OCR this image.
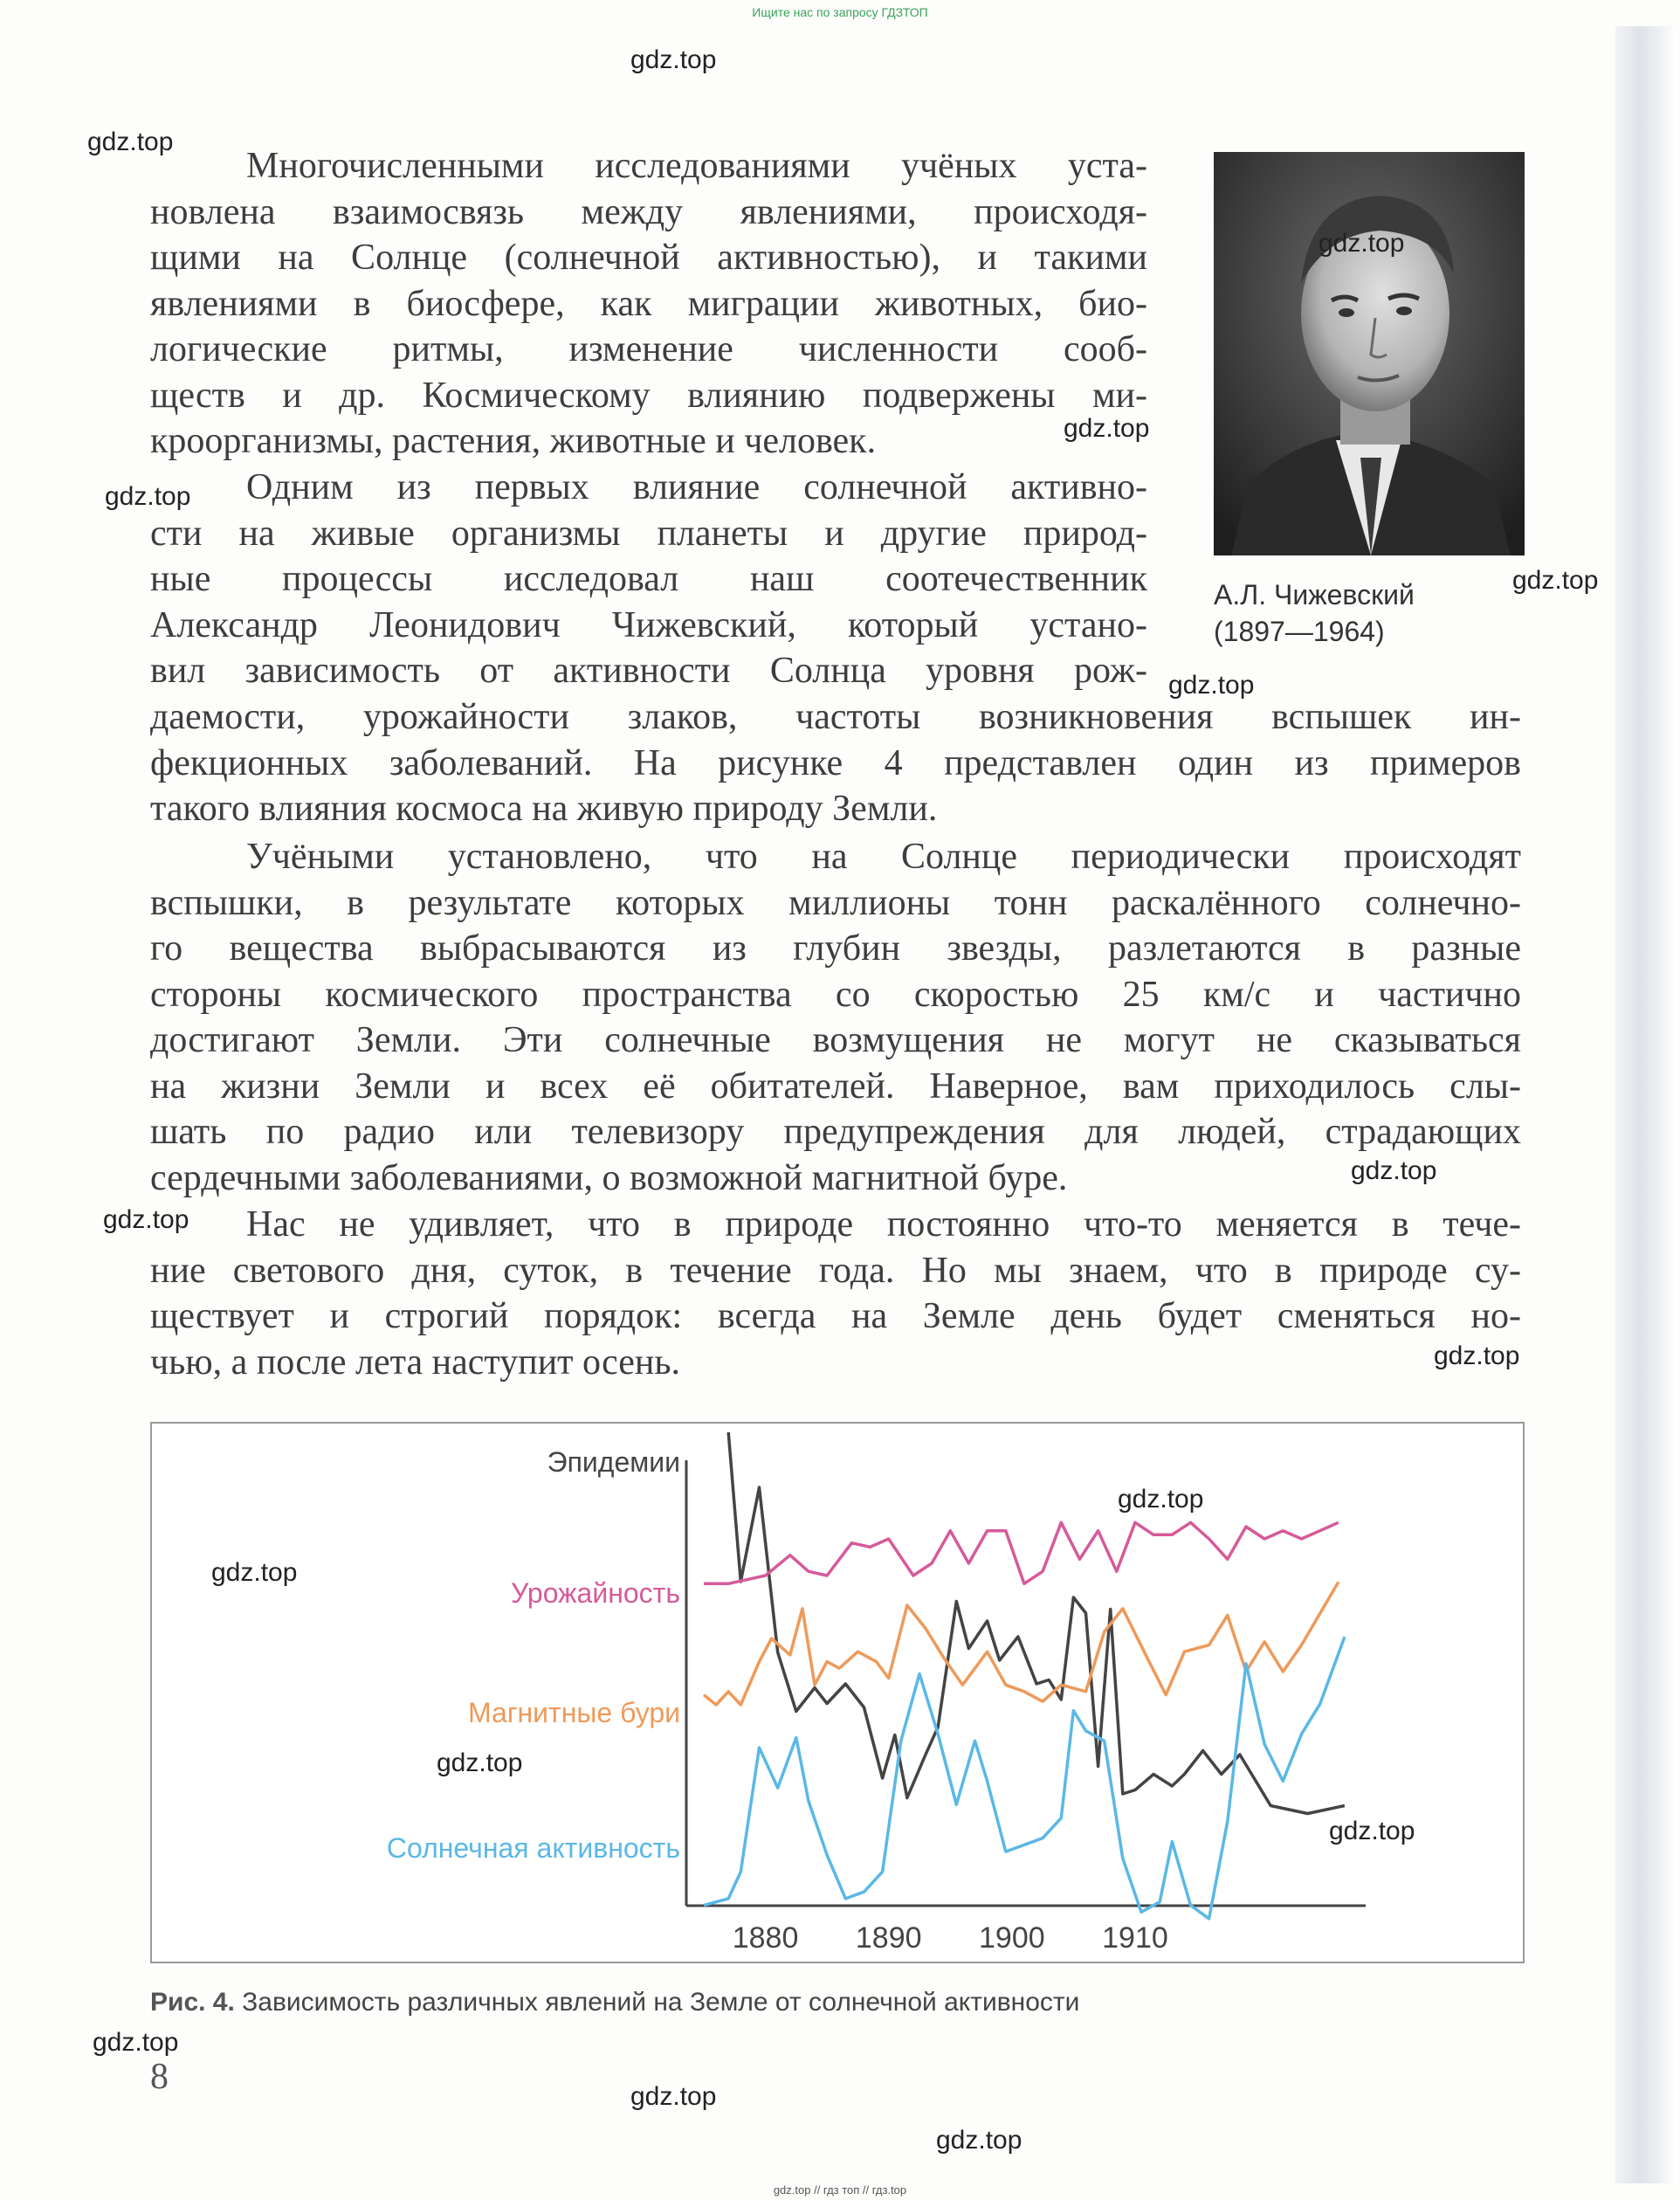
Ищите нас по запросу ГДЗТОП
Многочисленными исследованиями учёных уста-
новлена взаимосвязь между явлениями, происходя-
щими на Солнце (солнечной активностью), и такими
явлениями в биосфере, как миграции животных, био-
логические ритмы, изменение численности сооб-
ществ и др. Космическому влиянию подвержены ми-
кроорганизмы, растения, животные и человек.
Одним из первых влияние солнечной активно-
сти на живые организмы планеты и другие природ-
ные процессы исследовал наш соотечественник
Александр Леонидович Чижевский, который устано-
вил зависимость от активности Солнца уровня рож-
даемости, урожайности злаков, частоты возникновения вспышек ин-
фекционных заболеваний. На рисунке 4 представлен один из примеров
такого влияния космоса на живую природу Земли.
Учёными установлено, что на Солнце периодически происходят
вспышки, в результате которых миллионы тонн раскалённого солнечно-
го вещества выбрасываются из глубин звезды, разлетаются в разные
стороны космического пространства со скоростью 25 км/с и частично
достигают Земли. Эти солнечные возмущения не могут не сказываться
на жизни Земли и всех её обитателей. Наверное, вам приходилось слы-
шать по радио или телевизору предупреждения для людей, страдающих
сердечными заболеваниями, о возможной магнитной буре.
Нас не удивляет, что в природе постоянно что-то меняется в тече-
ние светового дня, суток, в течение года. Но мы знаем, что в природе су-
ществует и строгий порядок: всегда на Земле день будет сменяться но-
чью, а после лета наступит осень.
А.Л. Чижевский
(1897—1964)
1880 1890 1900 1910
Эпидемии
Урожайность
Магнитные бури
Солнечная активность
Рис. 4. Зависимость различных явлений на Земле от солнечной активности
8
gdz.top
gdz.top
gdz.top
gdz.top
gdz.top
gdz.top
gdz.top
gdz.top
gdz.top
gdz.top
gdz.top
gdz.top
gdz.top
gdz.top
gdz.top
gdz.top
gdz.top
gdz.top // гдз топ // гдз.top
